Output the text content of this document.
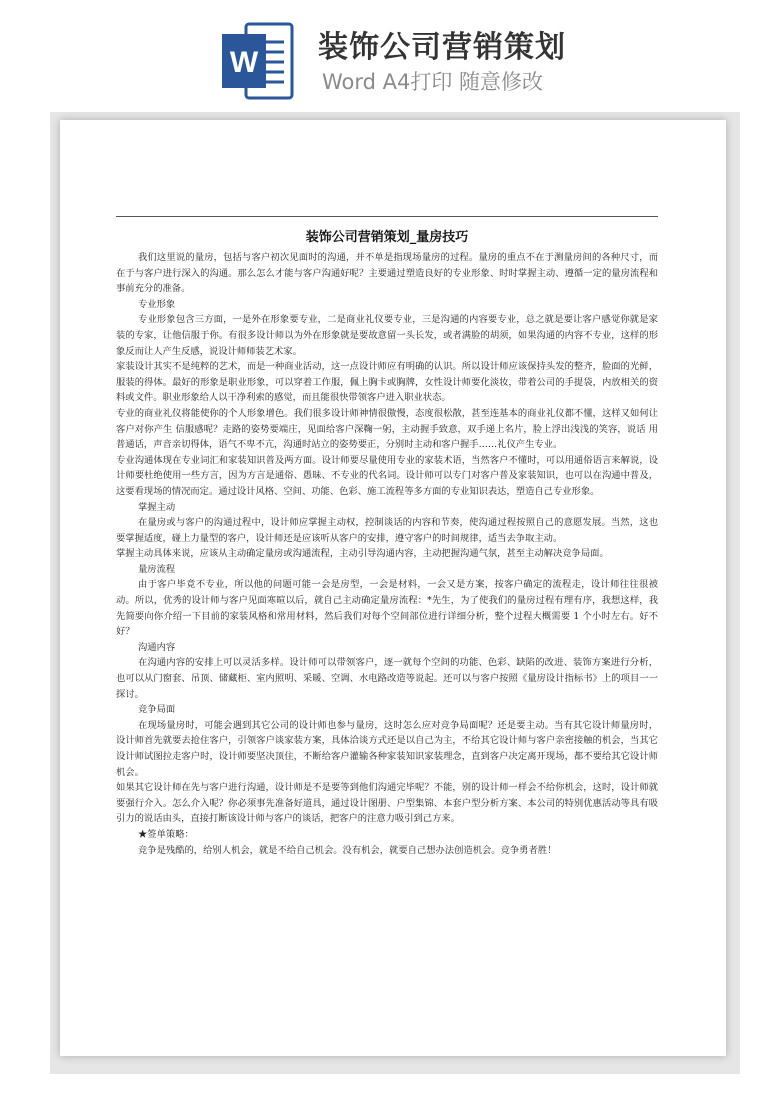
W 装饰公司营销策划
Word A4打印 随意修改
装饰公司营销策划_量房技巧

我们这里说的量房，包括与客户初次见面时的沟通，并不单是指现场量房的过程。量房的重点不在于测量房间的各种尺寸，而在于与客户进行深入的沟通。那么怎么才能与客户沟通好呢？主要通过塑造良好的专业形象、时时掌握主动、遵循一定的量房流程和事前充分的准备。

专业形象

专业形象包含三方面，一是外在形象要专业，二是商业礼仪要专业，三是沟通的内容要专业，总之就是要让客户感觉你就是家装的专家，让他信服于你。有很多设计师以为外在形象就是要故意留一头长发，或者满脸的胡须，如果沟通的内容不专业，这样的形象反而让人产生反感，说设计师师装艺术家。

家装设计其实不是纯粹的艺术，而是一种商业活动，这一点设计师应有明确的认识。所以设计师应该保持头发的整齐，脸面的光鲜，服装的得体。最好的形象是职业形象，可以穿着工作服，佩上胸卡或胸牌，女性设计师要化淡妆，带着公司的手提袋，内放相关的资料或文件。职业形象给人以干净利索的感觉，而且能很快带领客户进入职业状态。

专业的商业礼仪将能使你的个人形象增色。我们很多设计师神情很傲慢，态度很松散，甚至连基本的商业礼仪都不懂，这样又如何让客户对你产生 信服感呢？走路的姿势要端庄，见面给客户深鞠一躬，主动握手致意，双手递上名片，脸上浮出浅浅的笑容，说话 用普通话，声音亲切得体，语气不卑不亢，沟通时站立的姿势要正，分别时主动和客户握手……礼仪产生专业。

专业沟通体现在专业词汇和家装知识普及两方面。设计师要尽量使用专业的家装术语，当然客户不懂时，可以用通俗语言来解说，设计师要杜绝使用一些方言，因为方言是通俗、愚昧、不专业的代名词。设计师可以专门对客户普及家装知识，也可以在沟通中普及，这要看现场的情况而定。通过设计风格、空间、功能、色彩、施工流程等多方面的专业知识表达，塑造自己专业形象。

掌握主动

在量房或与客户的沟通过程中，设计师应掌握主动权，控制谈话的内容和节奏，使沟通过程按照自己的意愿发展。当然，这也要掌握适度，碰上力量型的客户，设计师还是应该听从客户的安排，遵守客户的时间规律，适当去争取主动。

掌握主动具体来说，应该从主动确定量房或沟通流程，主动引导沟通内容，主动把握沟通气氛，甚至主动解决竞争局面。

量房流程

由于客户毕竟不专业，所以他的问题可能一会是房型，一会是材料，一会又是方案，按客户确定的流程走，设计师往往很被动。所以，优秀的设计师与客户见面寒暄以后，就自己主动确定量房流程：*先生，为了使我们的量房过程有理有序，我想这样，我先简要向你介绍一下目前的家装风格和常用材料，然后我们对每个空间部位进行详细分析，整个过程大概需要 1 个小时左右。好不好？

沟通内容

在沟通内容的安排上可以灵活多样。设计师可以带领客户，逐一就每个空间的功能、色彩、缺陷的改进、装饰方案进行分析，也可以从门窗套、吊顶、储藏柜、室内照明、采暖、空调、水电路改造等说起。还可以与客户按照《量房设计指标书》上的项目一一探讨。

竞争局面

在现场量房时，可能会遇到其它公司的设计师也参与量房，这时怎么应对竞争局面呢？还是要主动。当有其它设计师量房时，设计师首先就要去抢住客户，引领客户谈家装方案，具体洽谈方式还是以自己为主，不给其它设计师与客户亲密接触的机会，当其它设计师试图拉走客户时，设计师要坚决顶住，不断给客户灌输各种家装知识家装理念，直到客户决定离开现场，都不要给其它设计师机会。

如果其它设计师在先与客户进行沟通，设计师是不是要等到他们沟通完毕呢？不能，别的设计师一样会不给你机会，这时，设计师就要强行介入。怎么介入呢？你必须事先准备好道具，通过设计图册、户型集锦、本套户型分析方案、本公司的特别优惠活动等具有吸引力的说话由头，直接打断该设计师与客户的谈话，把客户的注意力吸引到己方来。

★签单策略：

竞争是残酷的，给别人机会，就是不给自己机会。没有机会，就要自己想办法创造机会。竞争勇者胜！
